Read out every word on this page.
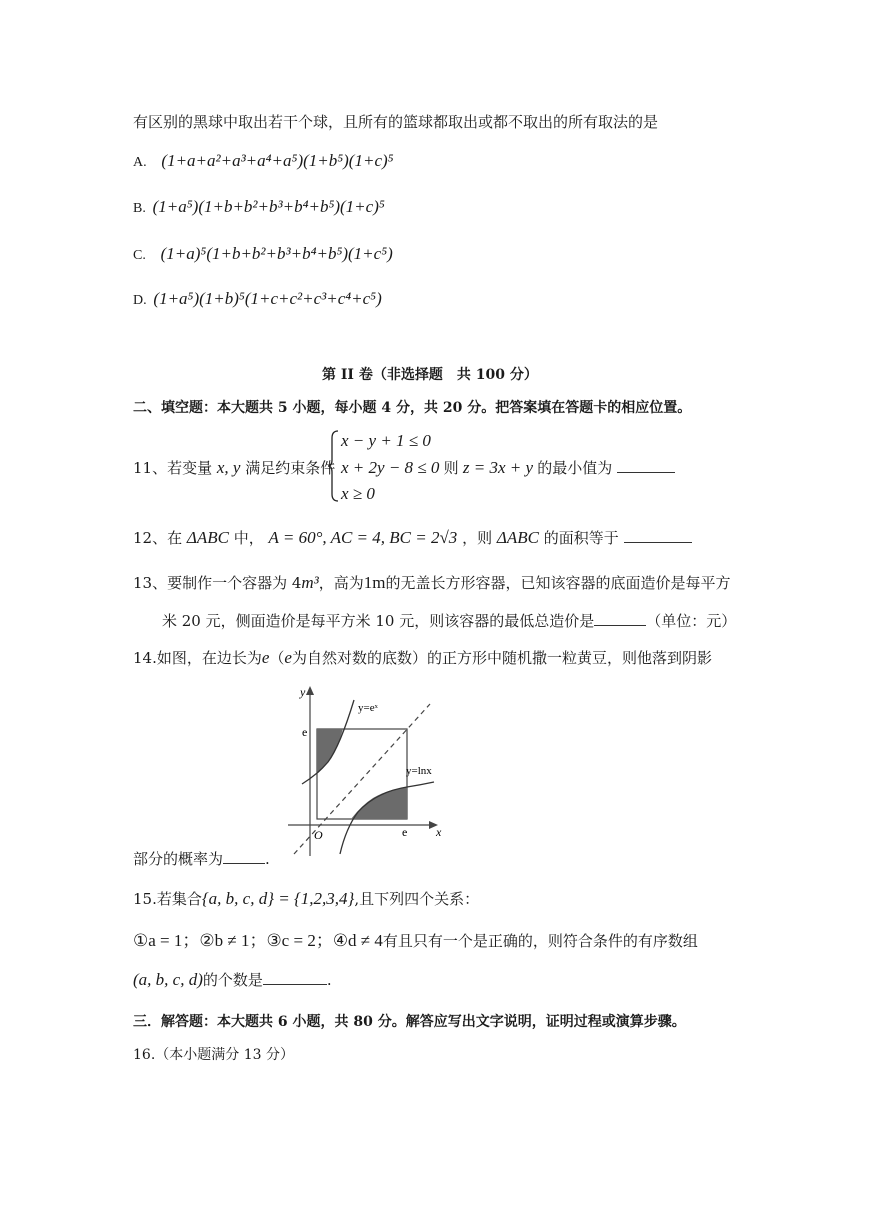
有区别的黑球中取出若干个球，且所有的篮球都取出或都不取出的所有取法的是
A. (1+a+a²+a³+a⁴+a⁵)(1+b⁵)(1+c)⁵
B. (1+a⁵)(1+b+b²+b³+b⁴+b⁵)(1+c)⁵
C. (1+a)⁵(1+b+b²+b³+b⁴+b⁵)(1+c⁵)
D. (1+a⁵)(1+b)⁵(1+c+c²+c³+c⁴+c⁵)
第 II 卷（非选择题　共 100 分）
二、填空题：本大题共 5 小题，每小题 4 分，共 20 分。把答案填在答题卡的相应位置。
11、若变量 x, y 满足约束条件
x − y + 1 ≤ 0
x + 2y − 8 ≤ 0 则 z = 3x + y 的最小值为
x ≥ 0
12、在 ΔABC 中， A = 60°, AC = 4, BC = 2√3 ，则 ΔABC 的面积等于
13、要制作一个容器为 4m³，高为1m的无盖长方形容器，已知该容器的底面造价是每平方
米 20 元，侧面造价是每平方米 10 元，则该容器的最低总造价是	（单位：元）
14.如图，在边长为e（e为自然对数的底数）的正方形中随机撒一粒黄豆，则他落到阴影
y
x
O
e
e
y=eˣ
y=lnx
部分的概率为	.
15.若集合{a, b, c, d} = {1,2,3,4},且下列四个关系：
①a = 1；②b ≠ 1；③c = 2；④d ≠ 4有且只有一个是正确的，则符合条件的有序数组
(a, b, c, d)的个数是	.
三．解答题：本大题共 6 小题，共 80 分。解答应写出文字说明，证明过程或演算步骤。
16.（本小题满分 13 分）
